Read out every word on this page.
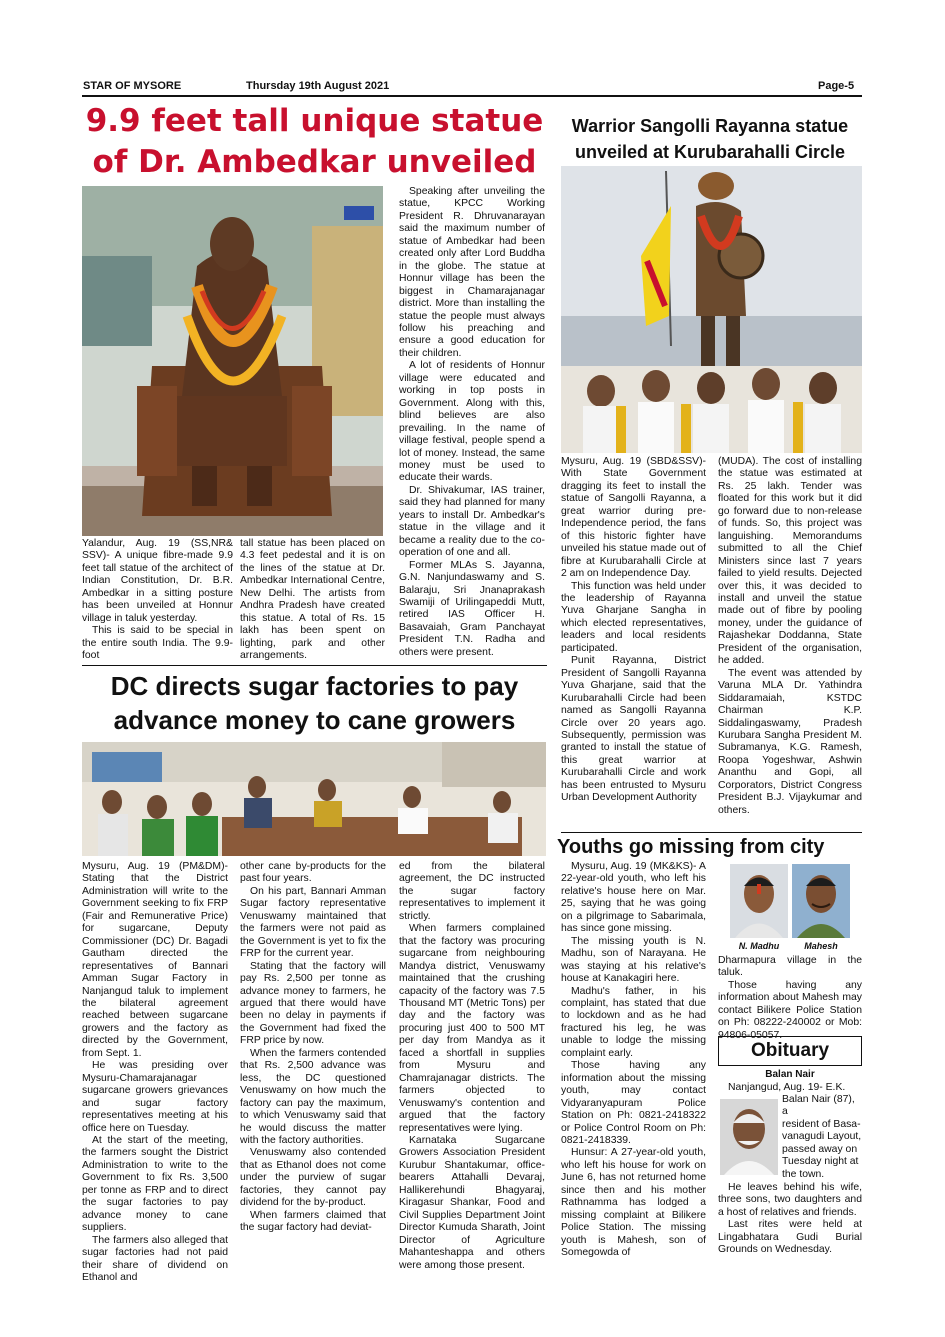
STAR OF MYSORE	Thursday 19th August 2021	Page-5
9.9 feet tall unique statue
of Dr. Ambedkar unveiled

Yalandur, Aug. 19 (SS,NR& SSV)- A unique fibre-made 9.9 feet tall statue of the architect of Indian Constitution, Dr. B.R. Ambedkar in a sitting posture has been unveiled at Honnur village in taluk yesterday.

This is said to be special in the entire south India. The 9.9-foot

tall statue has been placed on 4.3 feet pedestal and it is on the lines of the statue at Dr. Ambedkar International Centre, New Delhi. The artists from Andhra Pradesh have created this statue. A total of Rs. 15 lakh has been spent on lighting, park and other arrangements.

Speaking after unveiling the statue, KPCC Working President R. Dhruvanarayan said the maximum number of statue of Ambedkar had been created only after Lord Buddha in the globe. The statue at Honnur village has been the biggest in Chamarajanagar district. More than installing the statue the people must always follow his preaching and ensure a good education for their children.

A lot of residents of Honnur village were educated and working in top posts in Government. Along with this, blind believes are also prevailing. In the name of village festival, people spend a lot of money. Instead, the same money must be used to educate their wards.

Dr. Shivakumar, IAS trainer, said they had planned for many years to install Dr. Ambedkar's statue in the village and it became a reality due to the co-operation of one and all.

Former MLAs S. Jayanna, G.N. Nanjundaswamy and S. Balaraju, Sri Jnanaprakash Swamiji of Urilingapeddi Mutt, retired IAS Officer H. Basavaiah, Gram Panchayat President T.N. Radha and others were present.

Warrior Sangolli Rayanna statue
unveiled at Kurubarahalli Circle

Mysuru, Aug. 19 (SBD&SSV)- With State Government dragging its feet to install the statue of Sangolli Rayanna, a great warrior during pre-Independence period, the fans of this historic fighter have unveiled his statue made out of fibre at Kurubarahalli Circle at 2 am on Independence Day.

This function was held under the leadership of Rayanna Yuva Gharjane Sangha in which elected representatives, leaders and local residents participated.

Punit Rayanna, District President of Sangolli Rayanna Yuva Gharjane, said that the Kurubarahalli Circle had been named as Sangolli Rayanna Circle over 20 years ago. Subsequently, permission was granted to install the statue of this great warrior at Kurubarahalli Circle and work has been entrusted to Mysuru Urban Development Authority

(MUDA). The cost of installing the statue was estimated at Rs. 25 lakh. Tender was floated for this work but it did go forward due to non-release of funds. So, this project was languishing. Memorandums submitted to all the Chief Ministers since last 7 years failed to yield results. Dejected over this, it was decided to install and unveil the statue made out of fibre by pooling money, under the guidance of Rajashekar Doddanna, State President of the organisation, he added.

The event was attended by Varuna MLA Dr. Yathindra Siddaramaiah, KSTDC Chairman K.P. Siddalingaswamy, Pradesh Kurubara Sangha President M. Subramanya, K.G. Ramesh, Roopa Yogeshwar, Ashwin Ananthu and Gopi, all Corporators, District Congress President B.J. Vijaykumar and others.

DC directs sugar factories to pay
advance money to cane growers

Mysuru, Aug. 19 (PM&DM)- Stating that the District Administration will write to the Government seeking to fix FRP (Fair and Remunerative Price) for sugarcane, Deputy Commissioner (DC) Dr. Bagadi Gautham directed the representatives of Bannari Amman Sugar Factory in Nanjangud taluk to implement the bilateral agreement reached between sugarcane growers and the factory as directed by the Government, from Sept. 1.

He was presiding over Mysuru-Chamarajanagar sugarcane growers grievances and sugar factory representatives meeting at his office here on Tuesday.

At the start of the meeting, the farmers sought the District Administration to write to the Government to fix Rs. 3,500 per tonne as FRP and to direct the sugar factories to pay advance money to cane suppliers.

The farmers also alleged that sugar factories had not paid their share of dividend on Ethanol and

other cane by-products for the past four years.

On his part, Bannari Amman Sugar factory representative Venuswamy maintained that the farmers were not paid as the Government is yet to fix the FRP for the current year.

Stating that the factory will pay Rs. 2,500 per tonne as advance money to farmers, he argued that there would have been no delay in payments if the Government had fixed the FRP price by now.

When the farmers contended that Rs. 2,500 advance was less, the DC questioned Venuswamy on how much the factory can pay the maximum, to which Venuswamy said that he would discuss the matter with the factory authorities.

Venuswamy also contended that as Ethanol does not come under the purview of sugar factories, they cannot pay dividend for the by-product.

When farmers claimed that the sugar factory had deviat-

ed from the bilateral agreement, the DC instructed the sugar factory representatives to implement it strictly.

When farmers complained that the factory was procuring sugarcane from neighbouring Mandya district, Venuswamy maintained that the crushing capacity of the factory was 7.5 Thousand MT (Metric Tons) per day and the factory was procuring just 400 to 500 MT per day from Mandya as it faced a shortfall in supplies from Mysuru and Chamrajanagar districts. The farmers objected to Venuswamy's contention and argued that the factory representatives were lying.

Karnataka Sugarcane Growers Association President Kurubur Shantakumar, office-bearers Attahalli Devaraj, Hallikerehundi Bhagyaraj, Kiragasur Shankar, Food and Civil Supplies Department Joint Director Kumuda Sharath, Joint Director of Agriculture Mahanteshappa and others were among those present.

Youths go missing from city

Mysuru, Aug. 19 (MK&KS)- A 22-year-old youth, who left his relative's house here on Mar. 25, saying that he was going on a pilgrimage to Sabarimala, has since gone missing.

The missing youth is N. Madhu, son of Narayana. He was staying at his relative's house at Kanakagiri here.

Madhu's father, in his complaint, has stated that due to lockdown and as he had fractured his leg, he was unable to lodge the missing complaint early.

Those having any information about the missing youth, may contact Vidyaranyapuram Police Station on Ph: 0821-2418322 or Police Control Room on Ph: 0821-2418339.

Hunsur: A 27-year-old youth, who left his house for work on June 6, has not returned home since then and his mother Rathnamma has lodged a missing complaint at Bilikere Police Station. The missing youth is Mahesh, son of Somegowda of

N. Madhu	Mahesh

Dharmapura village in the taluk.

Those having any information about Mahesh may contact Bilikere Police Station on Ph: 08222-240002 or Mob: 94806-05057.

Obituary
Balan Nair

Nanjangud, Aug. 19- E.K.

Balan Nair (87), a
resident of Basa-
vanagudi Layout,
passed away on
Tuesday night at
the town.

He leaves behind his wife, three sons, two daughters and a host of relatives and friends.

Last rites were held at Lingabhatara Gudi Burial Grounds on Wednesday.
